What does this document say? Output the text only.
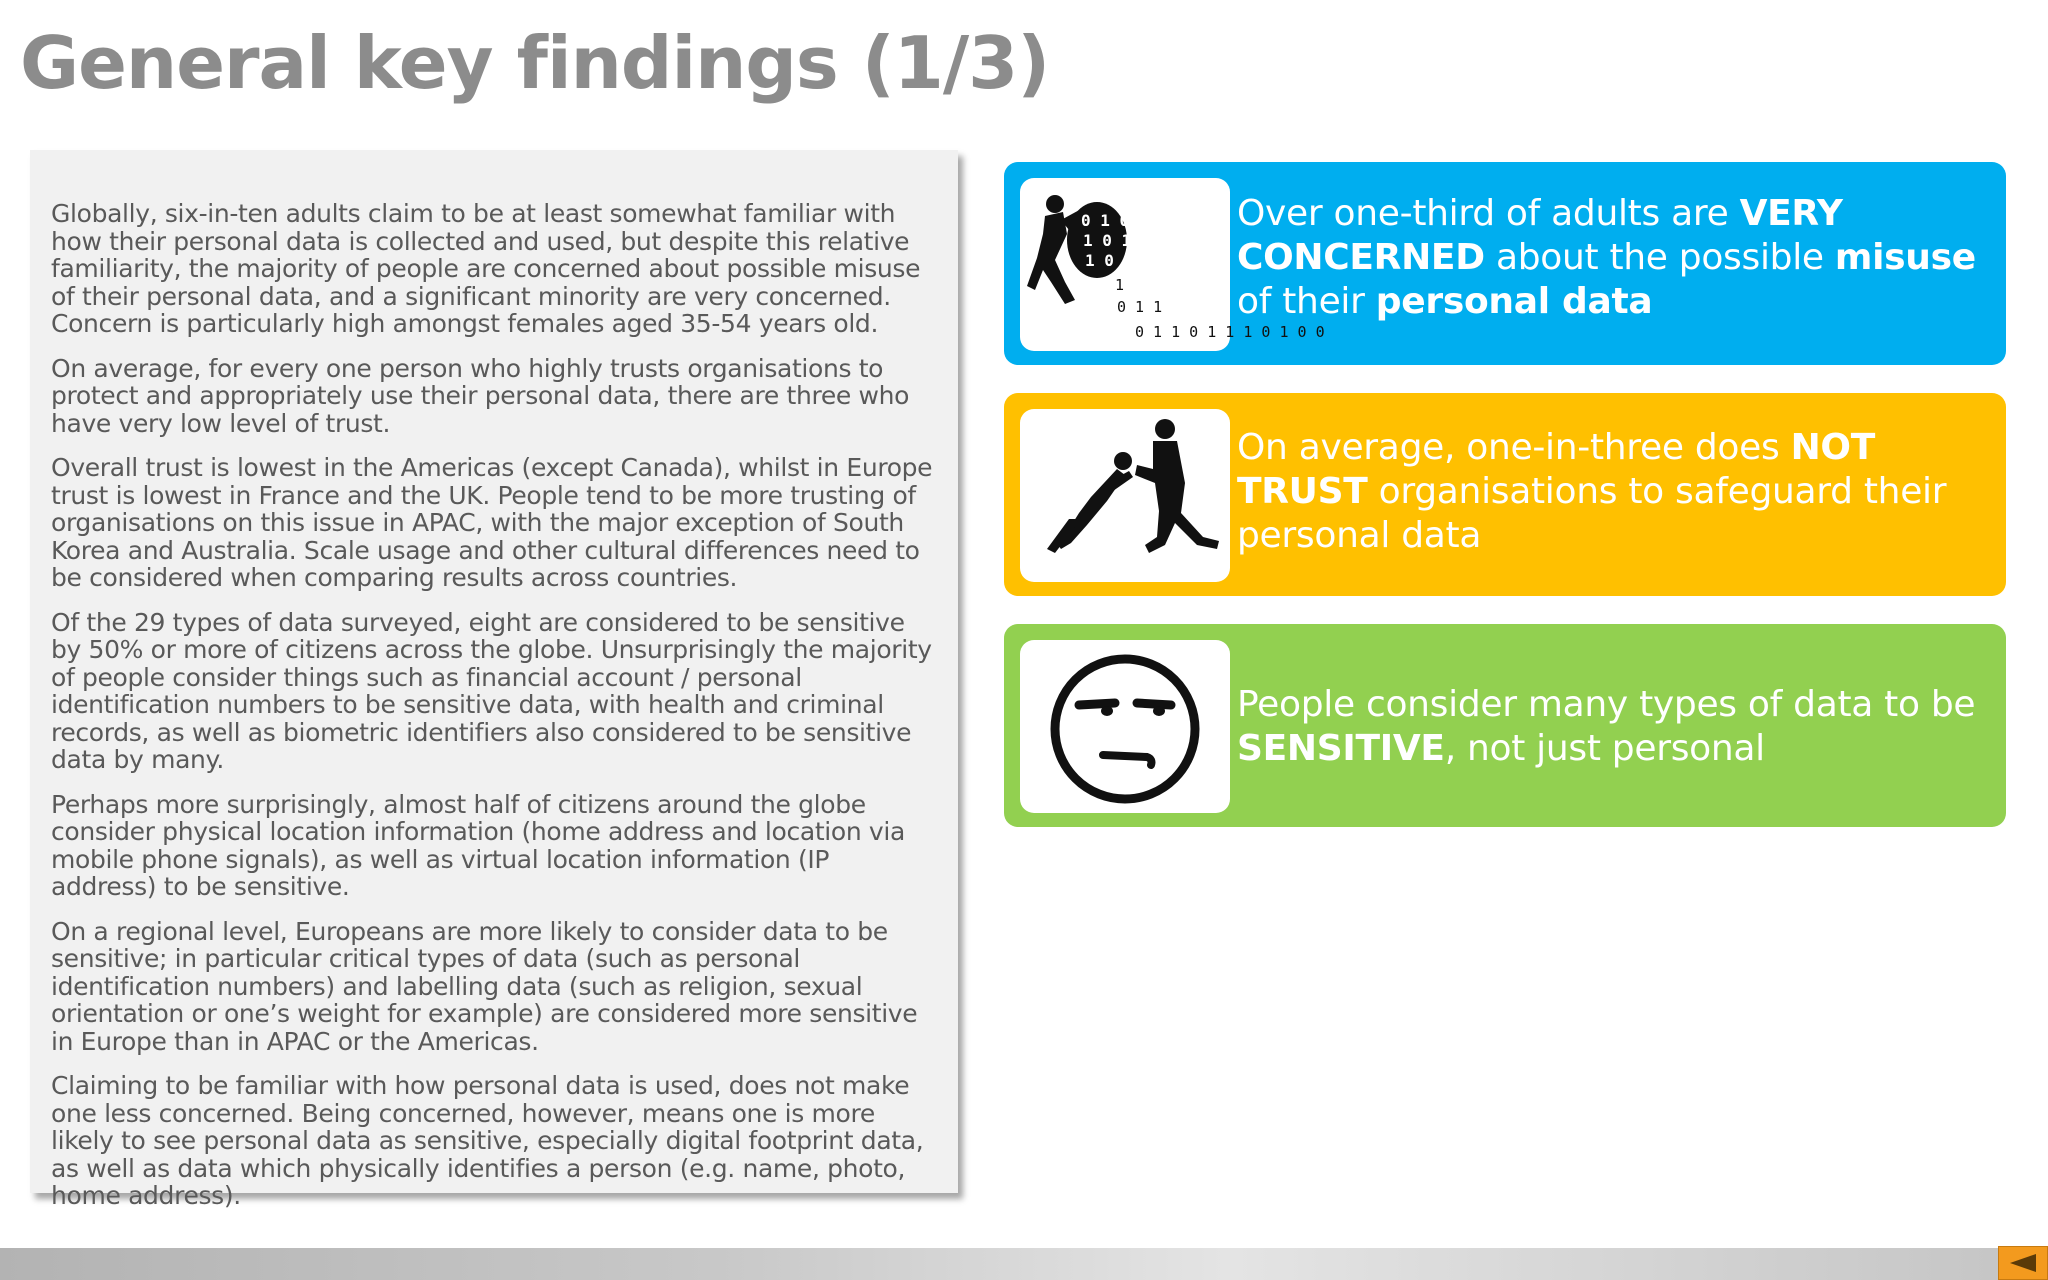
General key findings (1/3)

Globally, six-in-ten adults claim to be at least somewhat familiar with how their personal data is collected and used, but despite this relative familiarity, the majority of people are concerned about possible misuse of their personal data, and a significant minority are very concerned. Concern is particularly high amongst females aged 35-54 years old.

On average, for every one person who highly trusts organisations to protect and appropriately use their personal data, there are three who have very low level of trust.

Overall trust is lowest in the Americas (except Canada), whilst in Europe trust is lowest in France and the UK. People tend to be more trusting of organisations on this issue in APAC, with the major exception of South Korea and Australia. Scale usage and other cultural differences need to be considered when comparing results across countries.

Of the 29 types of data surveyed, eight are considered to be sensitive by 50% or more of citizens across the globe. Unsurprisingly the majority of people consider things such as financial account / personal identification numbers to be sensitive data, with health and criminal records, as well as biometric identifiers also considered to be sensitive data by many.

Perhaps more surprisingly, almost half of citizens around the globe consider physical location information (home address and location via mobile phone signals), as well as virtual location information (IP address) to be sensitive.

On a regional level, Europeans are more likely to consider data to be sensitive; in particular critical types of data (such as personal identification numbers) and labelling data (such as religion, sexual orientation or one’s weight for example) are considered more sensitive in Europe than in APAC or the Americas.

Claiming to be familiar with how personal data is used, does not make one less concerned. Being concerned, however, means one is more likely to see personal data as sensitive, especially digital footprint data, as well as data which physically identifies a person (e.g. name, photo, home address).

0 1 0
1 0 1
1 0 1
1
0 1 1
0 1 1 0 1 1 1 0 1 0 0
Over one-third of adults are VERY CONCERNED about the possible misuse of their personal data
On average, one-in-three does NOT TRUST organisations to safeguard their personal data
People consider many types of data to be SENSITIVE, not just personal
